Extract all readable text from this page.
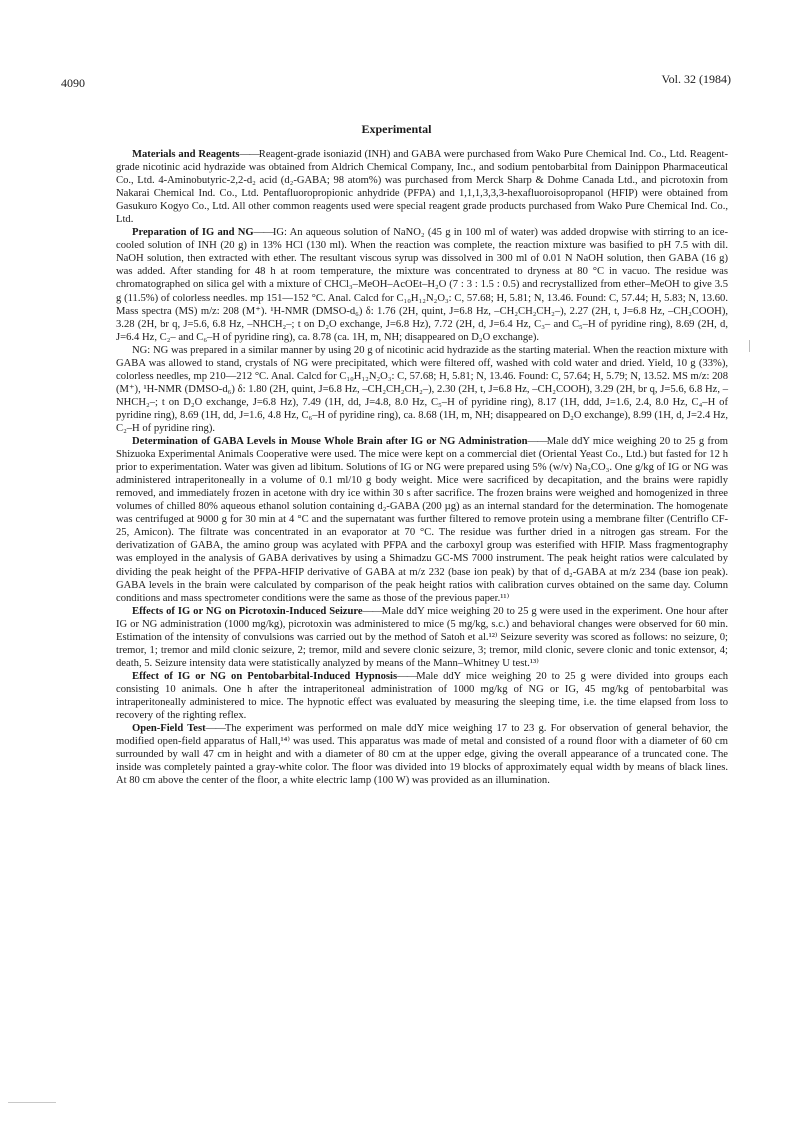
4090	Vol. 32 (1984)
Experimental

Materials and Reagents——Reagent-grade isoniazid (INH) and GABA were purchased from Wako Pure Chemical Ind. Co., Ltd. Reagent-grade nicotinic acid hydrazide was obtained from Aldrich Chemical Company, Inc., and sodium pentobarbital from Dainippon Pharmaceutical Co., Ltd. 4-Aminobutyric-2,2-d₂ acid (d₂-GABA; 98 atom%) was purchased from Merck Sharp & Dohme Canada Ltd., and picrotoxin from Nakarai Chemical Ind. Co., Ltd. Pentafluoropropionic anhydride (PFPA) and 1,1,1,3,3,3-hexafluoroisopropanol (HFIP) were obtained from Gasukuro Kogyo Co., Ltd. All other common reagents used were special reagent grade products purchased from Wako Pure Chemical Ind. Co., Ltd.

Preparation of IG and NG——IG: An aqueous solution of NaNO₂ (45 g in 100 ml of water) was added dropwise with stirring to an ice-cooled solution of INH (20 g) in 13% HCl (130 ml). When the reaction was complete, the reaction mixture was basified to pH 7.5 with dil. NaOH solution, then extracted with ether. The resultant viscous syrup was dissolved in 300 ml of 0.01 N NaOH solution, then GABA (16 g) was added. After standing for 48 h at room temperature, the mixture was concentrated to dryness at 80 °C in vacuo. The residue was chromatographed on silica gel with a mixture of CHCl₃–MeOH–AcOEt–H₂O (7 : 3 : 1.5 : 0.5) and recrystallized from ether–MeOH to give 3.5 g (11.5%) of colorless needles. mp 151—152 °C. Anal. Calcd for C₁₀H₁₂N₂O₃: C, 57.68; H, 5.81; N, 13.46. Found: C, 57.44; H, 5.83; N, 13.60. Mass spectra (MS) m/z: 208 (M⁺). ¹H-NMR (DMSO-d₆) δ: 1.76 (2H, quint, J=6.8 Hz, –CH₂CH₂CH₂–), 2.27 (2H, t, J=6.8 Hz, –CH₂COOH), 3.28 (2H, br q, J=5.6, 6.8 Hz, –NHCH₂–; t on D₂O exchange, J=6.8 Hz), 7.72 (2H, d, J=6.4 Hz, C₃– and C₅–H of pyridine ring), 8.69 (2H, d, J=6.4 Hz, C₂– and C₆–H of pyridine ring), ca. 8.78 (ca. 1H, m, NH; disappeared on D₂O exchange).

NG: NG was prepared in a similar manner by using 20 g of nicotinic acid hydrazide as the starting material. When the reaction mixture with GABA was allowed to stand, crystals of NG were precipitated, which were filtered off, washed with cold water and dried. Yield, 10 g (33%), colorless needles, mp 210—212 °C. Anal. Calcd for C₁₀H₁₂N₂O₃: C, 57.68; H, 5.81; N, 13.46. Found: C, 57.64; H, 5.79; N, 13.52. MS m/z: 208 (M⁺), ¹H-NMR (DMSO-d₆) δ: 1.80 (2H, quint, J=6.8 Hz, –CH₂CH₂CH₂–), 2.30 (2H, t, J=6.8 Hz, –CH₂COOH), 3.29 (2H, br q, J=5.6, 6.8 Hz, –NHCH₂–; t on D₂O exchange, J=6.8 Hz), 7.49 (1H, dd, J=4.8, 8.0 Hz, C₅–H of pyridine ring), 8.17 (1H, ddd, J=1.6, 2.4, 8.0 Hz, C₄–H of pyridine ring), 8.69 (1H, dd, J=1.6, 4.8 Hz, C₆–H of pyridine ring), ca. 8.68 (1H, m, NH; disappeared on D₂O exchange), 8.99 (1H, d, J=2.4 Hz, C₂–H of pyridine ring).

Determination of GABA Levels in Mouse Whole Brain after IG or NG Administration——Male ddY mice weighing 20 to 25 g from Shizuoka Experimental Animals Cooperative were used. The mice were kept on a commercial diet (Oriental Yeast Co., Ltd.) but fasted for 12 h prior to experimentation. Water was given ad libitum. Solutions of IG or NG were prepared using 5% (w/v) Na₂CO₃. One g/kg of IG or NG was administered intraperitoneally in a volume of 0.1 ml/10 g body weight. Mice were sacrificed by decapitation, and the brains were rapidly removed, and immediately frozen in acetone with dry ice within 30 s after sacrifice. The frozen brains were weighed and homogenized in three volumes of chilled 80% aqueous ethanol solution containing d₂-GABA (200 µg) as an internal standard for the determination. The homogenate was centrifuged at 9000 g for 30 min at 4 °C and the supernatant was further filtered to remove protein using a membrane filter (Centriflo CF-25, Amicon). The filtrate was concentrated in an evaporator at 70 °C. The residue was further dried in a nitrogen gas stream. For the derivatization of GABA, the amino group was acylated with PFPA and the carboxyl group was esterified with HFIP. Mass fragmentography was employed in the analysis of GABA derivatives by using a Shimadzu GC-MS 7000 instrument. The peak height ratios were calculated by dividing the peak height of the PFPA-HFIP derivative of GABA at m/z 232 (base ion peak) by that of d₂-GABA at m/z 234 (base ion peak). GABA levels in the brain were calculated by comparison of the peak height ratios with calibration curves obtained on the same day. Column conditions and mass spectrometer conditions were the same as those of the previous paper.¹¹⁾

Effects of IG or NG on Picrotoxin-Induced Seizure——Male ddY mice weighing 20 to 25 g were used in the experiment. One hour after IG or NG administration (1000 mg/kg), picrotoxin was administered to mice (5 mg/kg, s.c.) and behavioral changes were observed for 60 min. Estimation of the intensity of convulsions was carried out by the method of Satoh et al.¹²⁾ Seizure severity was scored as follows: no seizure, 0; tremor, 1; tremor and mild clonic seizure, 2; tremor, mild and severe clonic seizure, 3; tremor, mild clonic, severe clonic and tonic extensor, 4; death, 5. Seizure intensity data were statistically analyzed by means of the Mann–Whitney U test.¹³⁾

Effect of IG or NG on Pentobarbital-Induced Hypnosis——Male ddY mice weighing 20 to 25 g were divided into groups each consisting 10 animals. One h after the intraperitoneal administration of 1000 mg/kg of NG or IG, 45 mg/kg of pentobarbital was intraperitoneally administered to mice. The hypnotic effect was evaluated by measuring the sleeping time, i.e. the time elapsed from loss to recovery of the righting reflex.

Open-Field Test——The experiment was performed on male ddY mice weighing 17 to 23 g. For observation of general behavior, the modified open-field apparatus of Hall,¹⁴⁾ was used. This apparatus was made of metal and consisted of a round floor with a diameter of 60 cm surrounded by wall 47 cm in height and with a diameter of 80 cm at the upper edge, giving the overall appearance of a truncated cone. The inside was completely painted a gray-white color. The floor was divided into 19 blocks of approximately equal width by means of black lines. At 80 cm above the center of the floor, a white electric lamp (100 W) was provided as an illumination.
